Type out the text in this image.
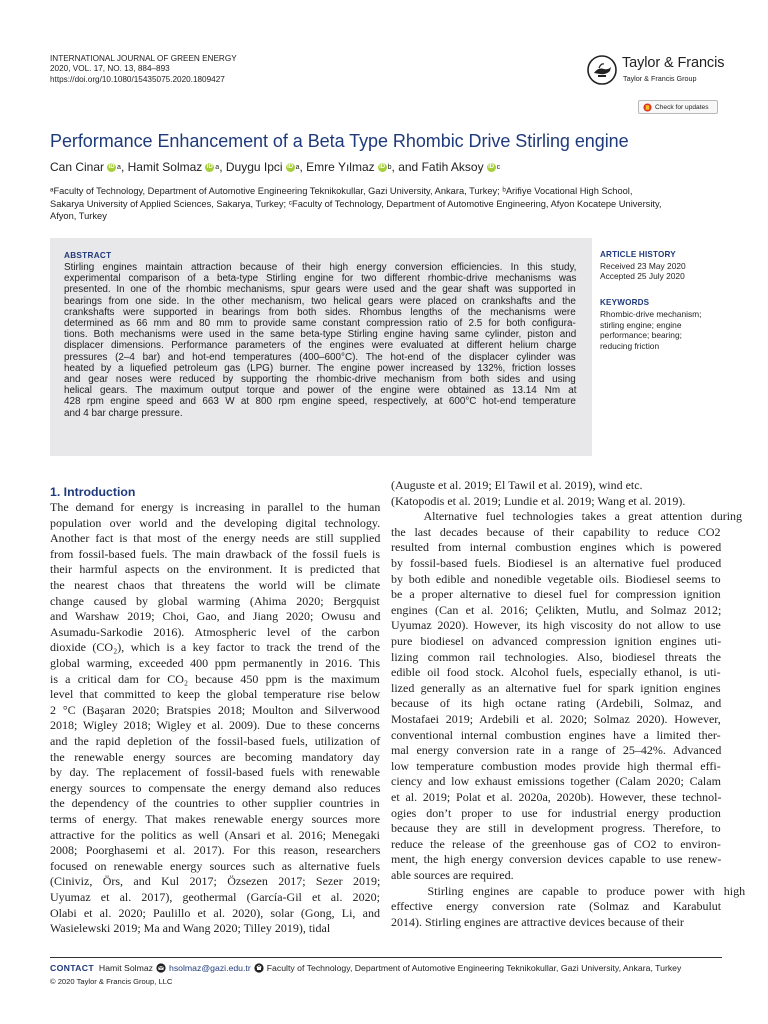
INTERNATIONAL JOURNAL OF GREEN ENERGY
2020, VOL. 17, NO. 13, 884–893
https://doi.org/10.1080/15435075.2020.1809427
Taylor & Francis
Taylor & Francis Group
Check for updates
Performance Enhancement of a Beta Type Rhombic Drive Stirling engine
Can Cinar iD a , Hamit Solmaz iD a , Duygu Ipci iD a , Emre Yılmaz iD b , and Fatih Aksoy iD c

ᵃFaculty of Technology, Department of Automotive Engineering Teknikokullar, Gazi University, Ankara, Turkey; ᵇArifiye Vocational High School,

Sakarya University of Applied Sciences, Sakarya, Turkey; ᶜFaculty of Technology, Department of Automotive Engineering, Afyon Kocatepe University,

Afyon, Turkey

ABSTRACT
Stirling engines maintain attraction because of their high energy conversion efficiencies. In this study,
experimental comparison of a beta-type Stirling engine for two different rhombic-drive mechanisms was
presented. In one of the rhombic mechanisms, spur gears were used and the gear shaft was supported in
bearings from one side. In the other mechanism, two helical gears were placed on crankshafts and the
crankshafts were supported in bearings from both sides. Rhombus lengths of the mechanisms were
determined as 66 mm and 80 mm to provide same constant compression ratio of 2.5 for both configura-
tions. Both mechanisms were used in the same beta-type Stirling engine having same cylinder, piston and
displacer dimensions. Performance parameters of the engines were evaluated at different helium charge
pressures (2–4 bar) and hot-end temperatures (400–600°C). The hot-end of the displacer cylinder was
heated by a liquefied petroleum gas (LPG) burner. The engine power increased by 132%, friction losses
and gear noses were reduced by supporting the rhombic-drive mechanism from both sides and using
helical gears. The maximum output torque and power of the engine were obtained as 13.14 Nm at
428 rpm engine speed and 663 W at 800 rpm engine speed, respectively, at 600°C hot-end temperature
and 4 bar charge pressure.
ARTICLE HISTORY
Received 23 May 2020
Accepted 25 July 2020
KEYWORDS
Rhombic-drive mechanism;
stirling engine; engine
performance; bearing;
reducing friction
1. Introduction
The demand for energy is increasing in parallel to the human
population over world and the developing digital technology.
Another fact is that most of the energy needs are still supplied
from fossil-based fuels. The main drawback of the fossil fuels is
their harmful aspects on the environment. It is predicted that
the nearest chaos that threatens the world will be climate
change caused by global warming (Ahima 2020; Bergquist
and Warshaw 2019; Choi, Gao, and Jiang 2020; Owusu and
Asumadu-Sarkodie 2016). Atmospheric level of the carbon
dioxide (CO₂), which is a key factor to track the trend of the
global warming, exceeded 400 ppm permanently in 2016. This
is a critical dam for CO₂ because 450 ppm is the maximum
level that committed to keep the global temperature rise below
2 °C (Başaran 2020; Bratspies 2018; Moulton and Silverwood
2018; Wigley 2018; Wigley et al. 2009). Due to these concerns
and the rapid depletion of the fossil-based fuels, utilization of
the renewable energy sources are becoming mandatory day
by day. The replacement of fossil-based fuels with renewable
energy sources to compensate the energy demand also reduces
the dependency of the countries to other supplier countries in
terms of energy. That makes renewable energy sources more
attractive for the politics as well (Ansari et al. 2016; Menegaki
2008; Poorghasemi et al. 2017). For this reason, researchers
focused on renewable energy sources such as alternative fuels
(Ciniviz, Örs, and Kul 2017; Özsezen 2017; Sezer 2019;
Uyumaz et al. 2017), geothermal (García-Gil et al. 2020;
Olabi et al. 2020; Paulillo et al. 2020), solar (Gong, Li, and
Wasielewski 2019; Ma and Wang 2020; Tilley 2019), tidal
(Auguste et al. 2019; El Tawil et al. 2019), wind etc.
(Katopodis et al. 2019; Lundie et al. 2019; Wang et al. 2019).
Alternative fuel technologies takes a great attention during
the last decades because of their capability to reduce CO2
resulted from internal combustion engines which is powered
by fossil-based fuels. Biodiesel is an alternative fuel produced
by both edible and nonedible vegetable oils. Biodiesel seems to
be a proper alternative to diesel fuel for compression ignition
engines (Can et al. 2016; Çelikten, Mutlu, and Solmaz 2012;
Uyumaz 2020). However, its high viscosity do not allow to use
pure biodiesel on advanced compression ignition engines uti-
lizing common rail technologies. Also, biodiesel threats the
edible oil food stock. Alcohol fuels, especially ethanol, is uti-
lized generally as an alternative fuel for spark ignition engines
because of its high octane rating (Ardebili, Solmaz, and
Mostafaei 2019; Ardebili et al. 2020; Solmaz 2020). However,
conventional internal combustion engines have a limited ther-
mal energy conversion rate in a range of 25–42%. Advanced
low temperature combustion modes provide high thermal effi-
ciency and low exhaust emissions together (Calam 2020; Calam
et al. 2019; Polat et al. 2020a, 2020b). However, these technol-
ogies don’t proper to use for industrial energy production
because they are still in development progress. Therefore, to
reduce the release of the greenhouse gas of CO2 to environ-
ment, the high energy conversion devices capable to use renew-
able sources are required.
Stirling engines are capable to produce power with high
effective energy conversion rate (Solmaz and Karabulut
2014). Stirling engines are attractive devices because of their
CONTACT Hamit Solmaz hsolmaz@gazi.edu.tr Faculty of Technology, Department of Automotive Engineering Teknikokullar, Gazi University, Ankara, Turkey
© 2020 Taylor & Francis Group, LLC
